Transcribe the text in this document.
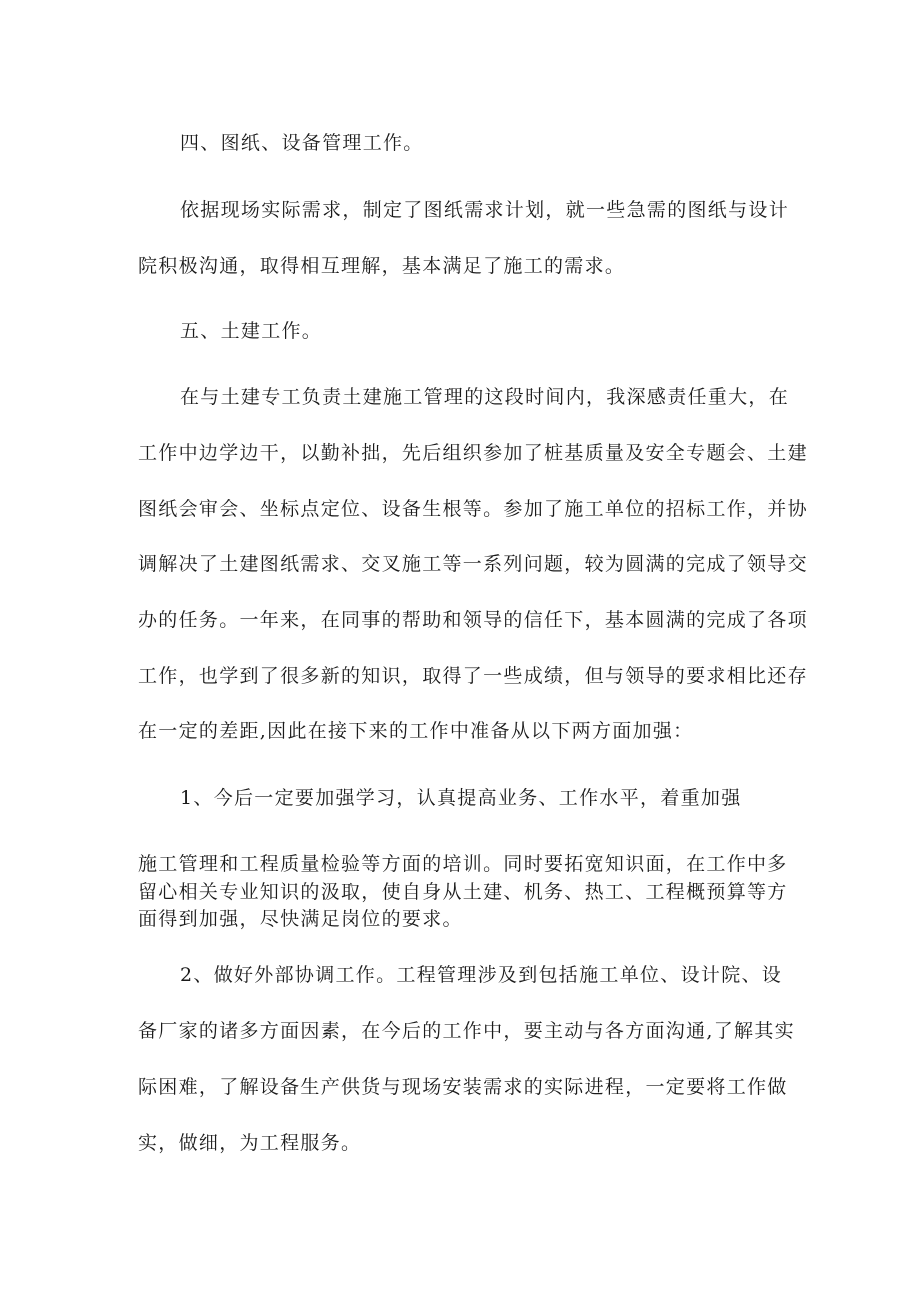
四、图纸、设备管理工作。

依据现场实际需求，制定了图纸需求计划，就一些急需的图纸与设计

院积极沟通，取得相互理解，基本满足了施工的需求。

五、土建工作。

在与土建专工负责土建施工管理的这段时间内，我深感责任重大，在

工作中边学边干，以勤补拙，先后组织参加了桩基质量及安全专题会、土建

图纸会审会、坐标点定位、设备生根等。参加了施工单位的招标工作，并协

调解决了土建图纸需求、交叉施工等一系列问题，较为圆满的完成了领导交

办的任务。一年来，在同事的帮助和领导的信任下，基本圆满的完成了各项

工作，也学到了很多新的知识，取得了一些成绩，但与领导的要求相比还存

在一定的差距,因此在接下来的工作中准备从以下两方面加强：

1、今后一定要加强学习，认真提高业务、工作水平，着重加强

施工管理和工程质量检验等方面的培训。同时要拓宽知识面，在工作中多

留心相关专业知识的汲取，使自身从土建、机务、热工、工程概预算等方

面得到加强，尽快满足岗位的要求。

2、做好外部协调工作。工程管理涉及到包括施工单位、设计院、设

备厂家的诸多方面因素，在今后的工作中，要主动与各方面沟通,了解其实

际困难，了解设备生产供货与现场安装需求的实际进程，一定要将工作做

实，做细，为工程服务。
